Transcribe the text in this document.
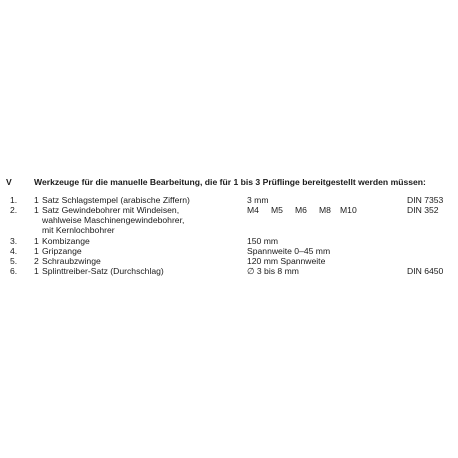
V	Werkzeuge für die manuelle Bearbeitung, die für 1 bis 3 Prüflinge bereitgestellt werden müssen:
1. 1 Satz Schlagstempel (arabische Ziffern)	3 mm	DIN 7353
2. 1 Satz Gewindebohrer mit Windeisen,
wahlweise Maschinengewindebohrer,
mit Kernlochbohrer
M4 M5 M6 M8 M10	DIN 352
3. 1 Kombizange	150 mm
4. 1 Gripzange	Spannweite 0–45 mm
5. 2 Schraubzwinge	120 mm Spannweite
6. 1 Splinttreiber-Satz (Durchschlag)	∅ 3 bis 8 mm	DIN 6450
